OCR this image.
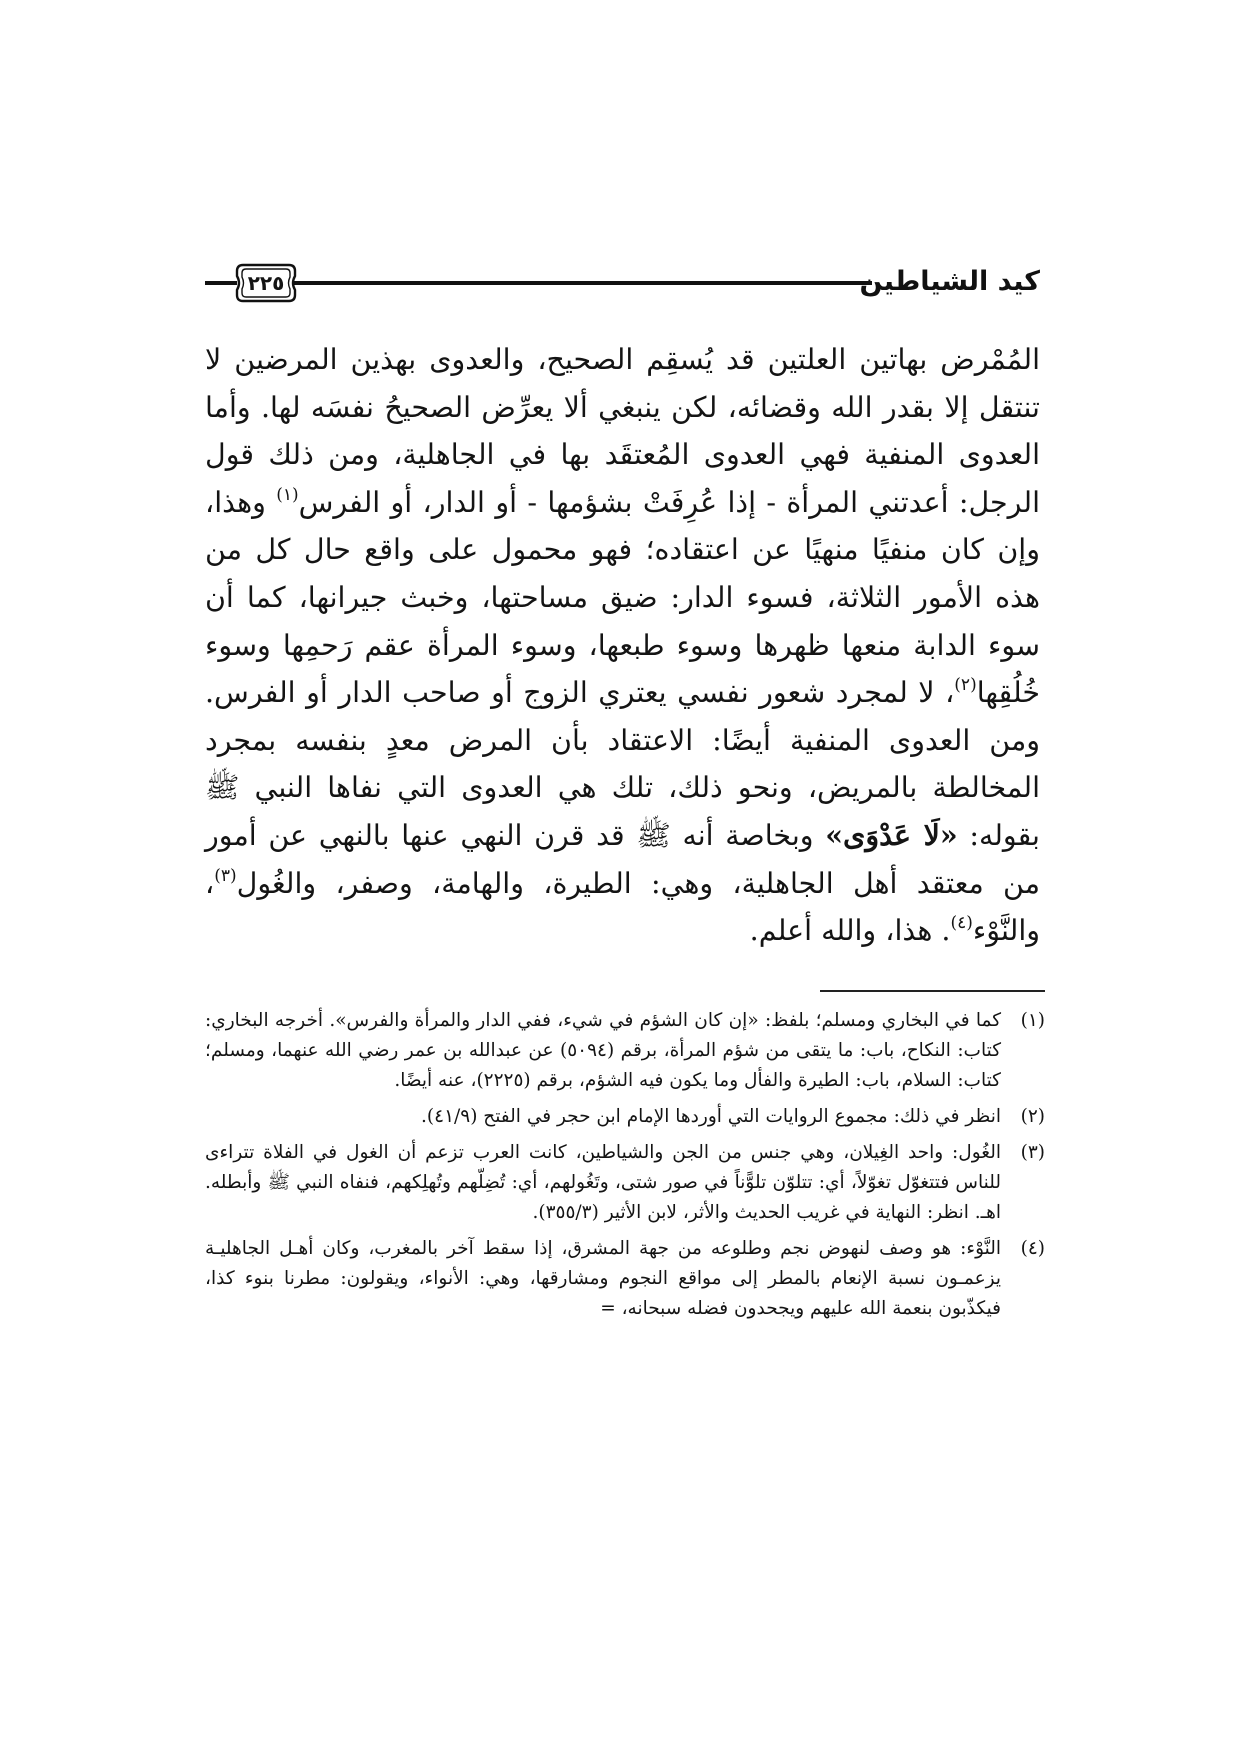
٢٢٥	كيد الشياطين

المُمْرض بهاتين العلتين قد يُسقِم الصحيح، والعدوى بهذين المرضين لا تنتقل إلا بقدر الله وقضائه، لكن ينبغي ألا يعرِّض الصحيحُ نفسَه لها. وأما العدوى المنفية فهي العدوى المُعتقَد بها في الجاهلية، ومن ذلك قول الرجل: أعدتني المرأة - إذا عُرِفَتْ بشؤمها - أو الدار، أو الفرس$^{(١)}$ وهذا، وإن كان منفيًا منهيًا عن اعتقاده؛ فهو محمول على واقع حال كل من هذه الأمور الثلاثة، فسوء الدار: ضيق مساحتها، وخبث جيرانها، كما أن سوء الدابة منعها ظهرها وسوء طبعها، وسوء المرأة عقم رَحمِها وسوء خُلُقِها$^{(٢)}$، لا لمجرد شعور نفسي يعتري الزوج أو صاحب الدار أو الفرس. ومن العدوى المنفية أيضًا: الاعتقاد بأن المرض معدٍ بنفسه بمجرد المخالطة بالمريض، ونحو ذلك، تلك هي العدوى التي نفاها النبي ﷺ بقوله: «لَا عَدْوَى» وبخاصة أنه ﷺ قد قرن النهي عنها بالنهي عن أمور من معتقد أهل الجاهلية، وهي: الطيرة، والهامة، وصفر، والغُول$^{(٣)}$، والنَّوْء$^{(٤)}$. هذا، والله أعلم.

(١)
كما في البخاري ومسلم؛ بلفظ: «إن كان الشؤم في شيء، ففي الدار والمرأة والفرس». أخرجه البخاري: كتاب: النكاح، باب: ما يتقى من شؤم المرأة، برقم (٥٠٩٤) عن عبدالله بن عمر رضي الله عنهما، ومسلم؛ كتاب: السلام، باب: الطيرة والفأل وما يكون فيه الشؤم، برقم (٢٢٢٥)، عنه أيضًا.
(٢)
انظر في ذلك: مجموع الروايات التي أوردها الإمام ابن حجر في الفتح (٤١/٩).
(٣)
الغُول: واحد الغِيلان، وهي جنس من الجن والشياطين، كانت العرب تزعم أن الغول في الفلاة تتراءى للناس فتتغوّل تغوّلاً، أي: تتلوّن تلوًّناً في صور شتى، وتَغُولهم، أي: تُضِلّهم وتُهلِكهم، فنفاه النبي ﷺ وأبطله. اهـ. انظر: النهاية في غريب الحديث والأثر، لابن الأثير (٣٥٥/٣).
(٤)
النَّوْء: هو وصف لنهوض نجم وطلوعه من جهة المشرق، إذا سقط آخر بالمغرب، وكان أهـل الجاهليـة يزعمـون نسبة الإنعام بالمطر إلى مواقع النجوم ومشارقها، وهي: الأنواء، ويقولون: مطرنا بنوء كذا، فيكذّبون بنعمة الله عليهم ويجحدون فضله سبحانه، =
